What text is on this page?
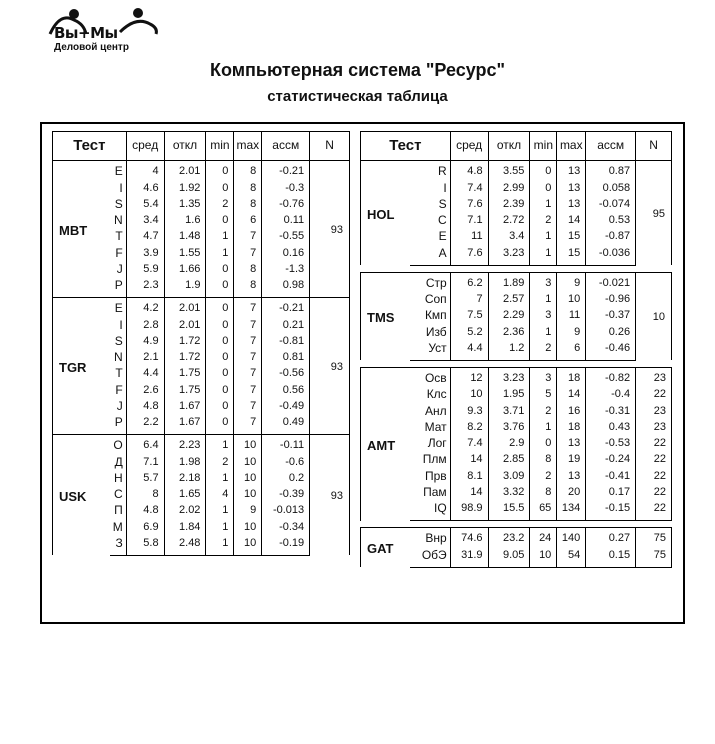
Вы+Мы
Деловой центр
Компьютерная система "Ресурс"
статистическая таблица
Тест		сред	откл	min	max	ассм	N
MBT	E	4	2.01	0	8	-0.21	93
	I	4.6	1.92	0	8	-0.3	
	S	5.4	1.35	2	8	-0.76	
	N	3.4	1.6	0	6	0.11	
	T	4.7	1.48	1	7	-0.55	
	F	3.9	1.55	1	7	0.16	
	J	5.9	1.66	0	8	-1.3	
	P	2.3	1.9	0	8	0.98	
TGR	E	4.2	2.01	0	7	-0.21	93
	I	2.8	2.01	0	7	0.21	
	S	4.9	1.72	0	7	-0.81	
	N	2.1	1.72	0	7	0.81	
	T	4.4	1.75	0	7	-0.56	
	F	2.6	1.75	0	7	0.56	
	J	4.8	1.67	0	7	-0.49	
	P	2.2	1.67	0	7	0.49	
USK	О	6.4	2.23	1	10	-0.11	93
	Д	7.1	1.98	2	10	-0.6	
	Н	5.7	2.18	1	10	0.2	
	С	8	1.65	4	10	-0.39	
	П	4.8	2.02	1	9	-0.013	
	М	6.9	1.84	1	10	-0.34	
	З	5.8	2.48	1	10	-0.19	
Тест		сред	откл	min	max	ассм	N
HOL	R	4.8	3.55	0	13	0.87	95
	I	7.4	2.99	0	13	0.058	
	S	7.6	2.39	1	13	-0.074	
	C	7.1	2.72	2	14	0.53	
	E	11	3.4	1	15	-0.87	
	A	7.6	3.23	1	15	-0.036	

TMS	Стр	6.2	1.89	3	9	-0.021	10
	Соп	7	2.57	1	10	-0.96	
	Кмп	7.5	2.29	3	11	-0.37	
	Изб	5.2	2.36	1	9	0.26	
	Уст	4.4	1.2	2	6	-0.46	

AMT	Осв	12	3.23	3	18	-0.82	23
	Клс	10	1.95	5	14	-0.4	22
	Анл	9.3	3.71	2	16	-0.31	23
	Мат	8.2	3.76	1	18	0.43	23
	Лог	7.4	2.9	0	13	-0.53	22
	Плм	14	2.85	8	19	-0.24	22
	Прв	8.1	3.09	2	13	-0.41	22
	Пам	14	3.32	8	20	0.17	22
	IQ	98.9	15.5	65	134	-0.15	22

GAT	Внр	74.6	23.2	24	140	0.27	75
	ОбЭ	31.9	9.05	10	54	0.15	75
